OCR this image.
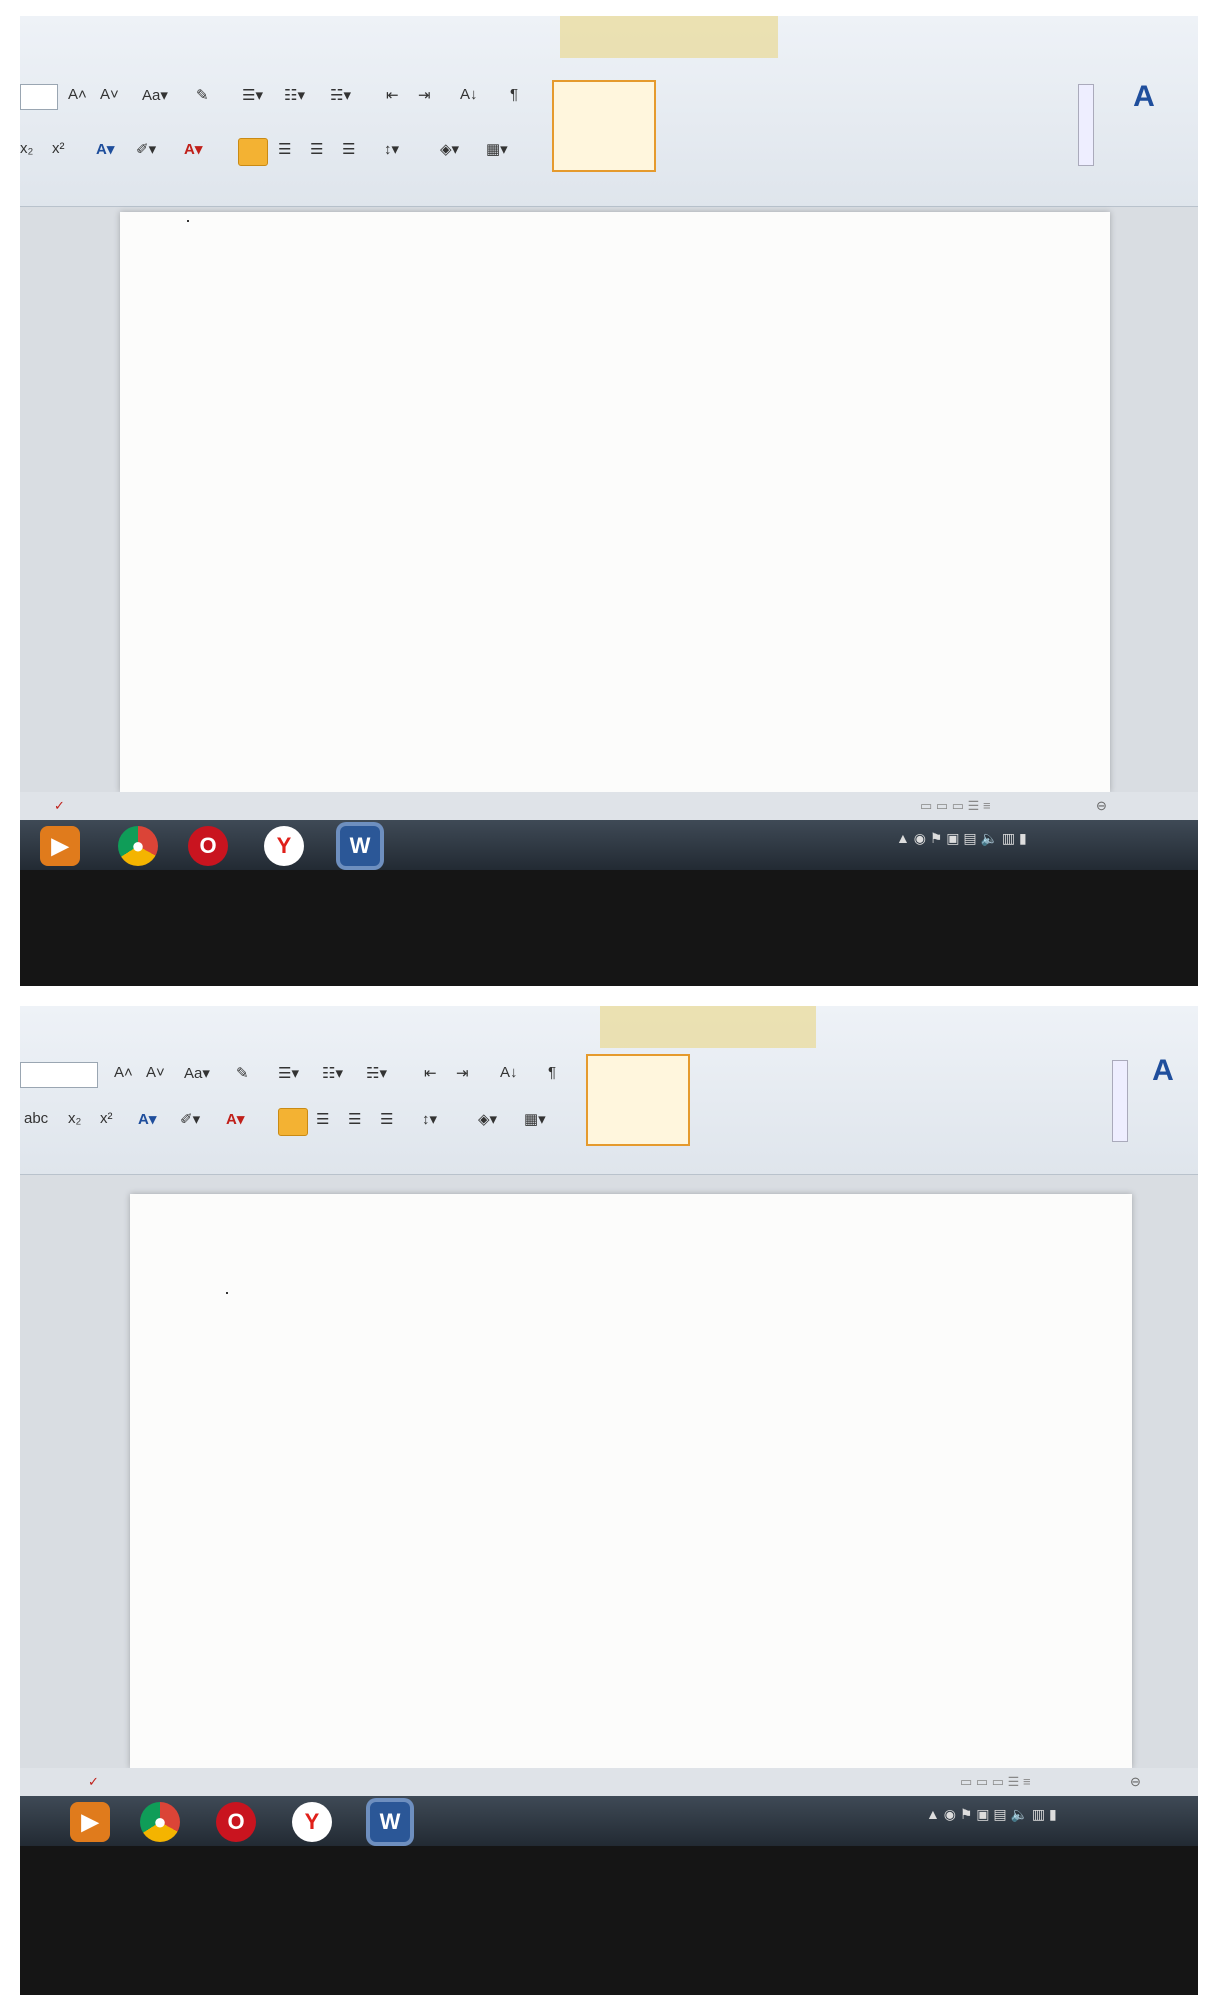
A˄ A˅ Aa▾ ✎
x₂ x² A▾ ✐▾ A▾
☰▾ ☷▾ ☵▾ ⇤ ⇥ A↓ ¶
☰ ☰ ☰ ↕▾	◈▾ ▦▾
A
✓	▭ ▭ ▭ ☰ ≡	⊖
▶	●	O	Y	W	▲ ◉ ⚑ ▣ ▤ 🔈 ▥ ▮
A˄ A˅ Aa▾ ✎
abc x₂ x² A▾ ✐▾ A▾
☰▾ ☷▾ ☵▾ ⇤ ⇥ A↓ ¶
☰ ☰ ☰ ↕▾	◈▾ ▦▾
A
✓	▭ ▭ ▭ ☰ ≡	⊖
▶	●	O	Y	W	▲ ◉ ⚑ ▣ ▤ 🔈 ▥ ▮
